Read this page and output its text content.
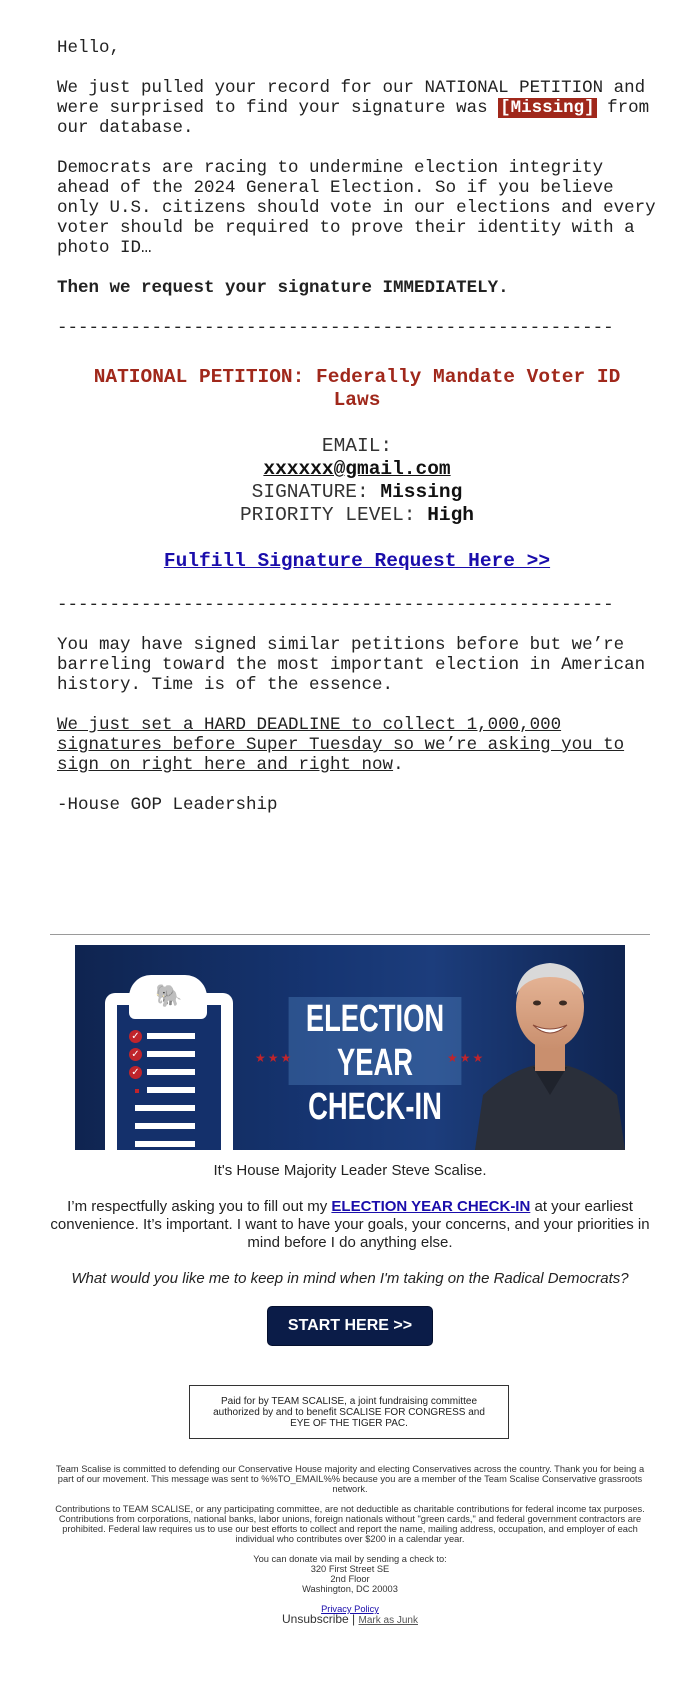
Hello,

We just pulled your record for our NATIONAL PETITION and were surprised to find your signature was [Missing] from our database.

Democrats are racing to undermine election integrity ahead of the 2024 General Election. So if you believe only U.S. citizens should vote in our elections and every voter should be required to prove their identity with a photo ID…

Then we request your signature IMMEDIATELY.

-----------------------------------------------------
NATIONAL PETITION: Federally Mandate Voter ID Laws
EMAIL:
xxxxxx@gmail.com
SIGNATURE: Missing
PRIORITY LEVEL: High
Fulfill Signature Request Here >>
-----------------------------------------------------

You may have signed similar petitions before but we’re barreling toward the most important election in American history. Time is of the essence.

We just set a HARD DEADLINE to collect 1,000,000 signatures before Super Tuesday so we’re asking you to sign on right here and right now.

-House GOP Leadership

🐘
✓
✓
✓
ELECTION YEAR
CHECK-IN
★★★	★★★

It's House Majority Leader Steve Scalise.

I’m respectfully asking you to fill out my ELECTION YEAR CHECK-IN at your earliest convenience. It’s important. I want to have your goals, your concerns, and your priorities in mind before I do anything else.

What would you like me to keep in mind when I'm taking on the Radical Democrats?

START HERE >>
Paid for by TEAM SCALISE, a joint fundraising committee authorized by and to benefit SCALISE FOR CONGRESS and EYE OF THE TIGER PAC.

Team Scalise is committed to defending our Conservative House majority and electing Conservatives across the country. Thank you for being a part of our movement. This message was sent to %%TO_EMAIL%% because you are a member of the Team Scalise Conservative grassroots network.

Contributions to TEAM SCALISE, or any participating committee, are not deductible as charitable contributions for federal income tax purposes. Contributions from corporations, national banks, labor unions, foreign nationals without "green cards," and federal government contractors are prohibited. Federal law requires us to use our best efforts to collect and report the name, mailing address, occupation, and employer of each individual who contributes over $200 in a calendar year.

You can donate via mail by sending a check to:
320 First Street SE
2nd Floor
Washington, DC 20003

Privacy Policy
Unsubscribe | Mark as Junk
